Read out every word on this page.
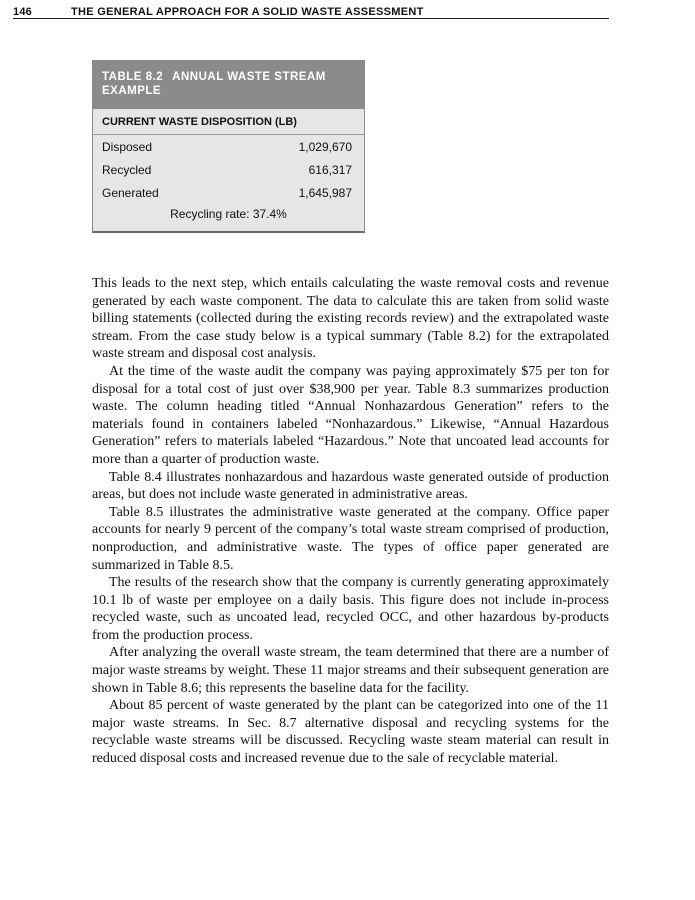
146	THE GENERAL APPROACH FOR A SOLID WASTE ASSESSMENT
TABLE 8.2 ANNUAL WASTE STREAM EXAMPLE
CURRENT WASTE DISPOSITION (LB)
Disposed	1,029,670
Recycled	616,317
Generated	1,645,987
Recycling rate: 37.4%

This leads to the next step, which entails calculating the waste removal costs and revenue generated by each waste component. The data to calculate this are taken from solid waste billing statements (collected during the existing records review) and the extrapolated waste stream. From the case study below is a typical summary (Table 8.2) for the extrapolated waste stream and disposal cost analysis.

At the time of the waste audit the company was paying approximately $75 per ton for disposal for a total cost of just over $38,900 per year. Table 8.3 summarizes production waste. The column heading titled “Annual Nonhazardous Generation” refers to the materials found in containers labeled “Nonhazardous.” Likewise, “Annual Hazardous Generation” refers to materials labeled “Hazardous.” Note that uncoated lead accounts for more than a quarter of production waste.

Table 8.4 illustrates nonhazardous and hazardous waste generated outside of production areas, but does not include waste generated in administrative areas.

Table 8.5 illustrates the administrative waste generated at the company. Office paper accounts for nearly 9 percent of the company’s total waste stream comprised of production, nonproduction, and administrative waste. The types of office paper generated are summarized in Table 8.5.

The results of the research show that the company is currently generating approximately 10.1 lb of waste per employee on a daily basis. This figure does not include in-process recycled waste, such as uncoated lead, recycled OCC, and other hazardous by-products from the production process.

After analyzing the overall waste stream, the team determined that there are a number of major waste streams by weight. These 11 major streams and their subsequent generation are shown in Table 8.6; this represents the baseline data for the facility.

About 85 percent of waste generated by the plant can be categorized into one of the 11 major waste streams. In Sec. 8.7 alternative disposal and recycling systems for the recyclable waste streams will be discussed. Recycling waste steam material can result in reduced disposal costs and increased revenue due to the sale of recyclable material.
